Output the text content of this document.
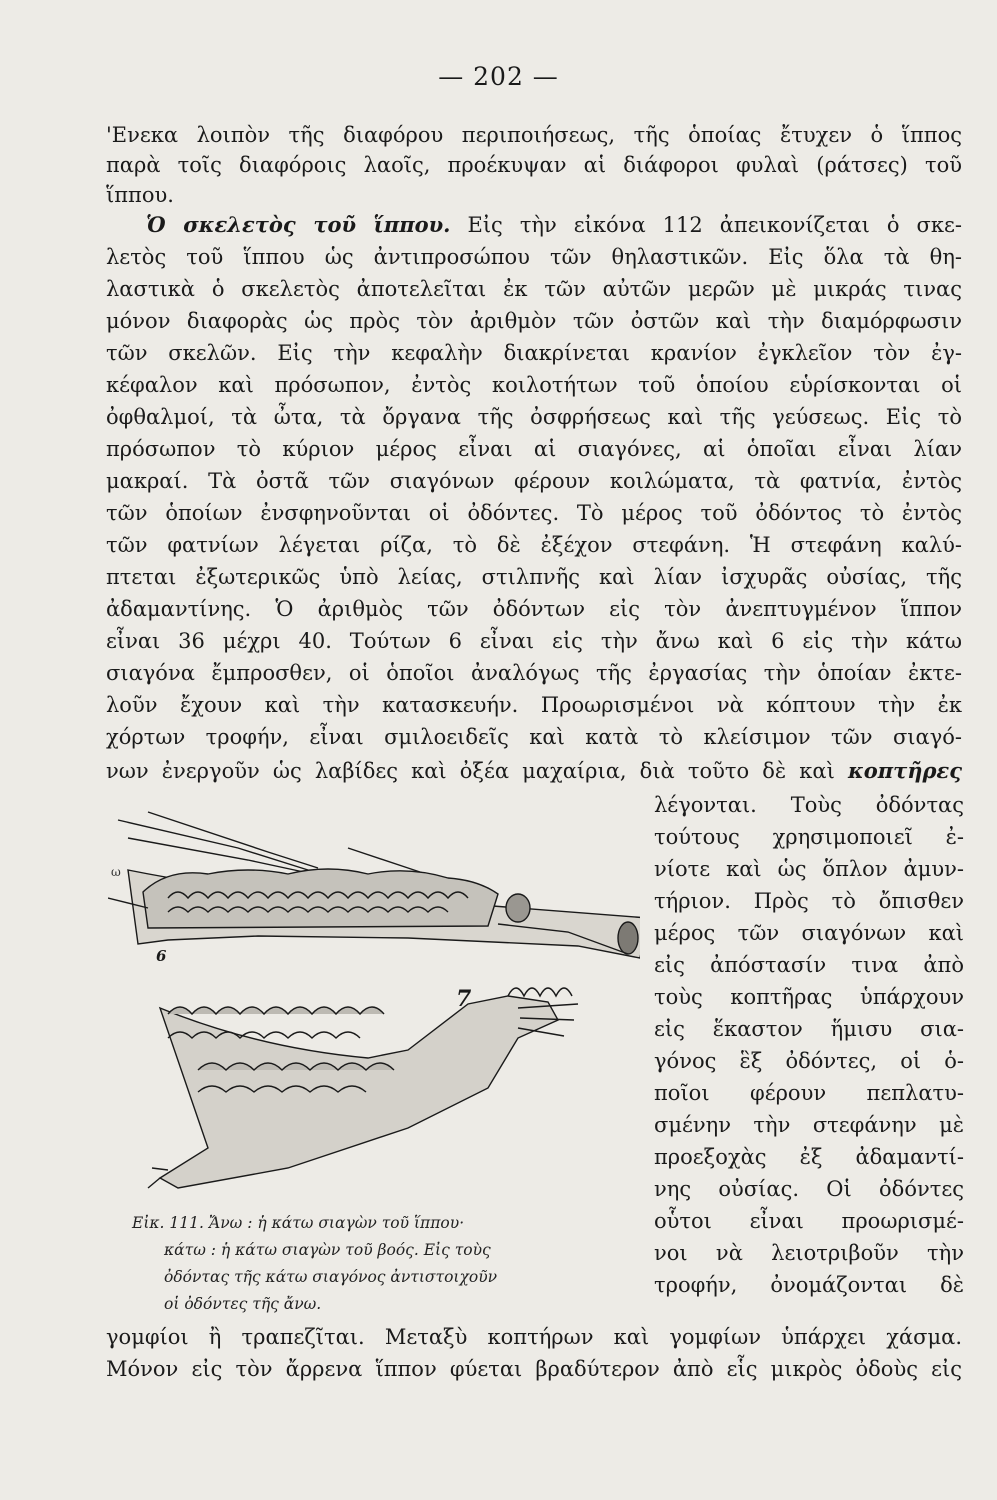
— 202 —
'Ενεκα λοιπὸν τῆς διαφόρου περιποιήσεως, τῆς ὁποίας ἔτυχεν ὁ ἵππος
παρὰ τοῖς διαφόροις λαοῖς, προέκυψαν αἱ διάφοροι φυλαὶ (ράτσες) τοῦ
ἵππου.
Ὁ σκελετὸς τοῦ ἵππου. Εἰς τὴν εἰκόνα 112 ἀπεικονίζεται ὁ σκε-
λετὸς τοῦ ἵππου ὡς ἀντιπροσώπου τῶν θηλαστικῶν. Εἰς ὅλα τὰ θη-
λαστικὰ ὁ σκελετὸς ἀποτελεῖται ἐκ τῶν αὐτῶν μερῶν μὲ μικράς τινας
μόνον διαφορὰς ὡς πρὸς τὸν ἀριθμὸν τῶν ὀστῶν καὶ τὴν διαμόρφωσιν
τῶν σκελῶν. Εἰς τὴν κεφαλὴν διακρίνεται κρανίον ἐγκλεῖον τὸν ἐγ-
κέφαλον καὶ πρόσωπον, ἐντὸς κοιλοτήτων τοῦ ὁποίου εὑρίσκονται οἱ
ὀφθαλμοί, τὰ ὦτα, τὰ ὄργανα τῆς ὀσφρήσεως καὶ τῆς γεύσεως. Εἰς τὸ
πρόσωπον τὸ κύριον μέρος εἶναι αἱ σιαγόνες, αἱ ὁποῖαι εἶναι λίαν
μακραί. Τὰ ὀστᾶ τῶν σιαγόνων φέρουν κοιλώματα, τὰ φατνία, ἐντὸς
τῶν ὁποίων ἐνσφηνοῦνται οἱ ὀδόντες. Τὸ μέρος τοῦ ὀδόντος τὸ ἐντὸς
τῶν φατνίων λέγεται ρίζα, τὸ δὲ ἐξέχον στεφάνη. Ἡ στεφάνη καλύ-
πτεται ἐξωτερικῶς ὑπὸ λείας, στιλπνῆς καὶ λίαν ἰσχυρᾶς οὐσίας, τῆς
ἀδαμαντίνης. Ὁ ἀριθμὸς τῶν ὀδόντων εἰς τὸν ἀνεπτυγμένον ἵππον
εἶναι 36 μέχρι 40. Τούτων 6 εἶναι εἰς τὴν ἄνω καὶ 6 εἰς τὴν κάτω
σιαγόνα ἔμπροσθεν, οἱ ὁποῖοι ἀναλόγως τῆς ἐργασίας τὴν ὁποίαν ἐκτε-
λοῦν ἔχουν καὶ τὴν κατασκευήν. Προωρισμένοι νὰ κόπτουν τὴν ἐκ
χόρτων τροφήν, εἶναι σμιλοειδεῖς καὶ κατὰ τὸ κλείσιμον τῶν σιαγό-
νων ἐνεργοῦν ὡς λαβίδες καὶ ὀξέα μαχαίρια, διὰ τοῦτο δὲ καὶ κοπτῆρες
λέγονται. Τοὺς ὀδόντας
τούτους χρησιμοποιεῖ ἐ-
νίοτε καὶ ὡς ὅπλον ἀμυν-
τήριον. Πρὸς τὸ ὄπισθεν
μέρος τῶν σιαγόνων καὶ
εἰς ἀπόστασίν τινα ἀπὸ
τοὺς κοπτῆρας ὑπάρχουν
εἰς ἕκαστον ἥμισυ σια-
γόνος ἓξ ὀδόντες, οἱ ὁ-
ποῖοι φέρουν πεπλατυ-
σμένην τὴν στεφάνην μὲ
προεξοχὰς ἐξ ἀδαμαντί-
νης οὐσίας. Οἱ ὀδόντες
οὗτοι εἶναι προωρισμέ-
νοι νὰ λειοτριβοῦν τὴν
τροφήν, ὀνομάζονται δὲ
6
ω
7
Εἰκ. 111. Ἄνω : ἡ κάτω σιαγὼν τοῦ ἵππου·
κάτω : ἡ κάτω σιαγὼν τοῦ βοός. Εἰς τοὺς
ὀδόντας τῆς κάτω σιαγόνος ἀντιστοιχοῦν
οἱ ὀδόντες τῆς ἄνω.
γομφίοι ἢ τραπεζῖται. Μεταξὺ κοπτήρων καὶ γομφίων ὑπάρχει χάσμα.
Μόνον εἰς τὸν ἄρρενα ἵππον φύεται βραδύτερον ἀπὸ εἷς μικρὸς ὀδοὺς εἰς
